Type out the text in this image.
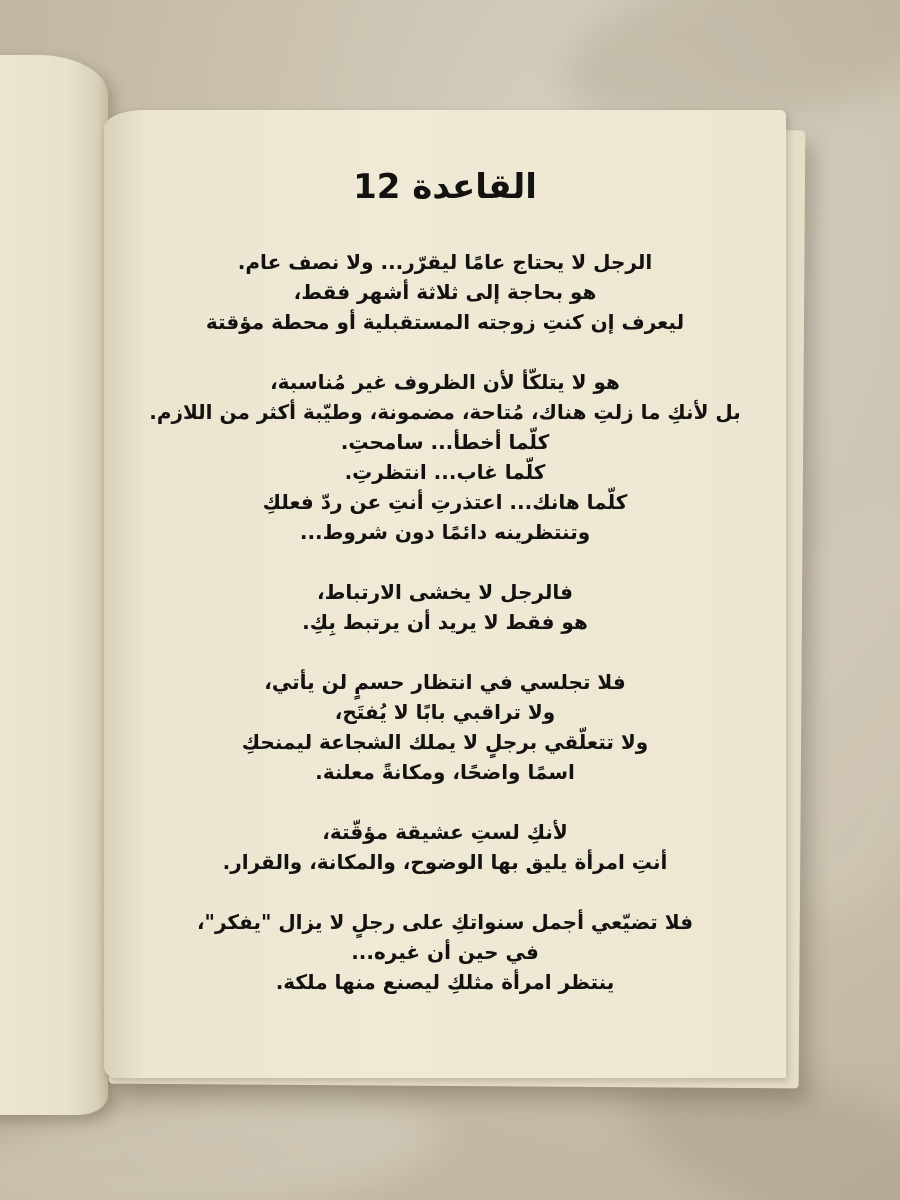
القاعدة 12
الرجل لا يحتاج عامًا ليقرّر... ولا نصف عام.
هو بحاجة إلى ثلاثة أشهر فقط،
ليعرف إن كنتِ زوجته المستقبلية أو محطة مؤقتة
هو لا يتلكّأ لأن الظروف غير مُناسبة،
بل لأنكِ ما زلتِ هناك، مُتاحة، مضمونة، وطيّبة أكثر من اللازم.
كلّما أخطأ... سامحتِ.
كلّما غاب... انتظرتِ.
كلّما هانك... اعتذرتِ أنتِ عن ردّ فعلكِ
وتنتظرينه دائمًا دون شروط...
فالرجل لا يخشى الارتباط،
هو فقط لا يريد أن يرتبط بِكِ.
فلا تجلسي في انتظار حسمٍ لن يأتي،
ولا تراقبي بابًا لا يُفتَح،
ولا تتعلّقي برجلٍ لا يملك الشجاعة ليمنحكِ
اسمًا واضحًا، ومكانةً معلنة.
لأنكِ لستِ عشيقة مؤقّتة،
أنتِ امرأة يليق بها الوضوح، والمكانة، والقرار.
فلا تضيّعي أجمل سنواتكِ على رجلٍ لا يزال "يفكر"،
في حين أن غيره...
ينتظر امرأة مثلكِ ليصنع منها ملكة.
